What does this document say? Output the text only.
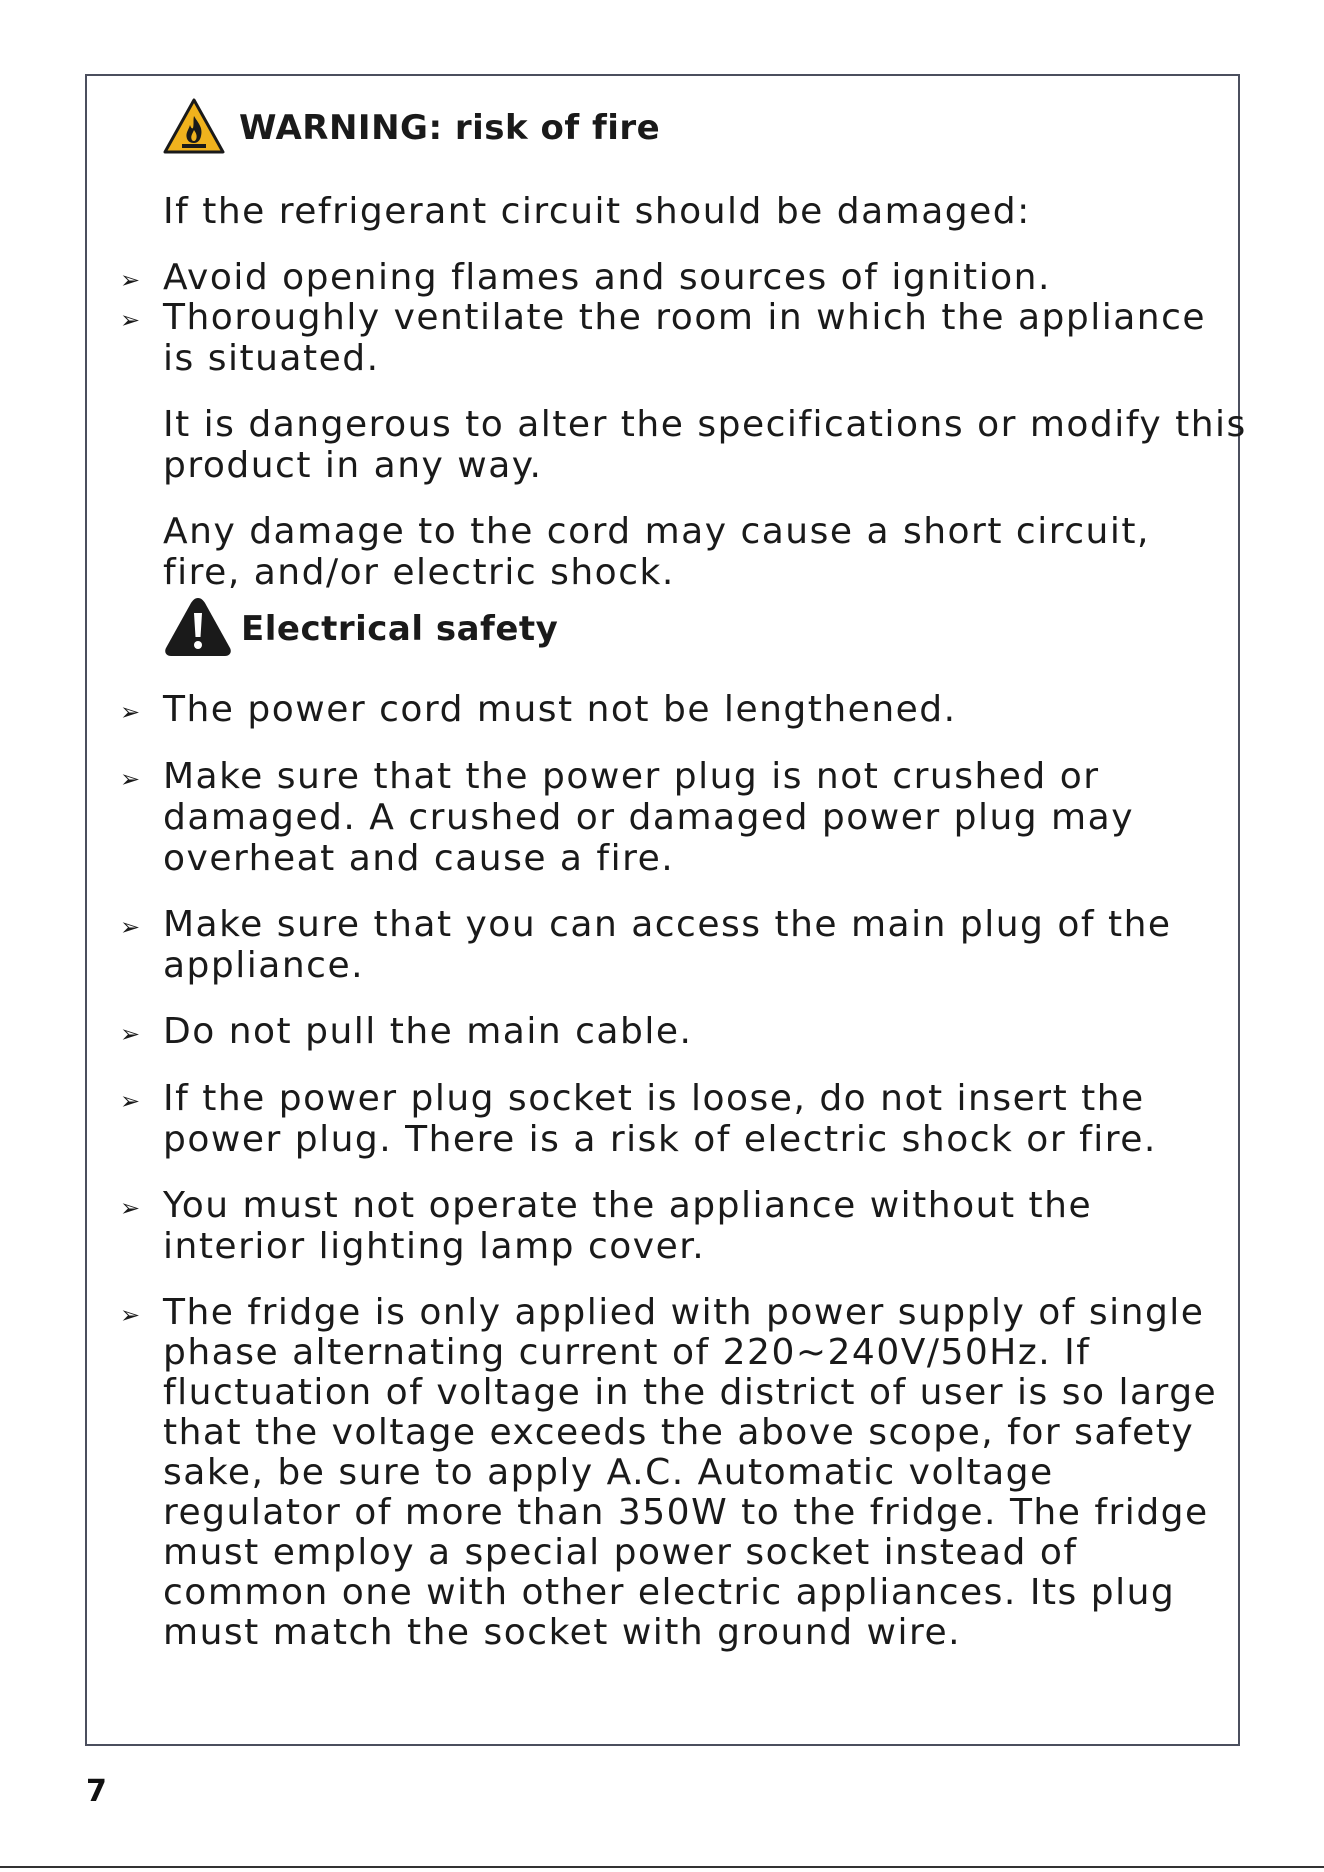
WARNING: risk of fire
If the refrigerant circuit should be damaged:
➢ Avoid opening flames and sources of ignition.
➢ Thoroughly ventilate the room in which the appliance
is situated.
It is dangerous to alter the specifications or modify this
product in any way.
Any damage to the cord may cause a short circuit,
fire, and/or electric shock.
Electrical safety
➢ The power cord must not be lengthened.
➢ Make sure that the power plug is not crushed or
damaged. A crushed or damaged power plug may
overheat and cause a fire.
➢ Make sure that you can access the main plug of the
appliance.
➢ Do not pull the main cable.
➢ If the power plug socket is loose, do not insert the
power plug. There is a risk of electric shock or fire.
➢ You must not operate the appliance without the
interior lighting lamp cover.
➢ The fridge is only applied with power supply of single
phase alternating current of 220~240V/50Hz. If
fluctuation of voltage in the district of user is so large
that the voltage exceeds the above scope, for safety
sake, be sure to apply A.C. Automatic voltage
regulator of more than 350W to the fridge. The fridge
must employ a special power socket instead of
common one with other electric appliances. Its plug
must match the socket with ground wire.
7
